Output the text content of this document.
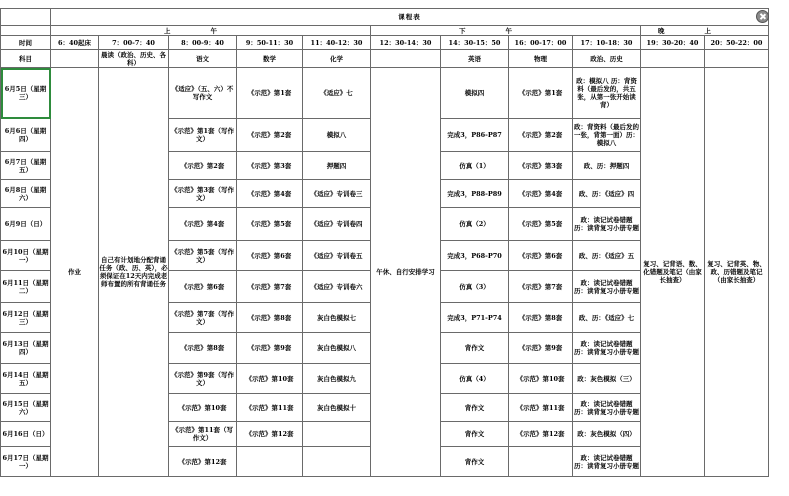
	课程表										
	上午					下午				晚上	
时间	6：40起床	7：00-7：40	8：00-9：40	9：50-11：30	11：40-12：30	12：30-14：30	14：30-15：50	16：00-17：00	17：10-18：30	19：30-20：40	20：50-22：00
科目		晨读（政治、历史、各科）	语文	数学	化学		英语	物理	政治、历史		
6月5日（星期三）	作业	自己有计划地分配背诵任务（政、历、英），必须保证在12天内完成老师布置的所有背诵任务	《适应》（五、六）不写作文	《示范》第1套	《适应》七	午休、自行安排学习	模拟四	《示范》第1套	政：模拟八 历：背资料（最后发的，共五张，从第一张开始读背）	复习、记背语、数、化错题及笔记（由家长抽查）	复习、记背英、物、政、历错题及笔记（由家长抽查）
6月6日（星期四）			《示范》第1套（写作文）	《示范》第2套	模拟八		完成3，P86-P87	《示范》第2套	政：背资料（最后发的一张，背第一面）历：模拟八		
6月7日（星期五）			《示范》第2套	《示范》第3套	押题四		仿真（1）	《示范》第3套	政、历：押题四		
6月8日（星期六）			《示范》第3套（写作文）	《示范》第4套	《适应》专训卷三		完成3，P88-P89	《示范》第4套	政、历：《适应》四		
6月9日（日）			《示范》第4套	《示范》第5套	《适应》专训卷四		仿真（2）	《示范》第5套	政：读记试卷错题 历：读背复习小册专题		
6月10日（星期一）			《示范》第5套（写作文）	《示范》第6套	《适应》专训卷五		完成3，P68-P70	《示范》第6套	政、历：《适应》五		
6月11日（星期二）			《示范》第6套	《示范》第7套	《适应》专训卷六		仿真（3）	《示范》第7套	政：读记试卷错题 历：读背复习小册专题		
6月12日（星期三）			《示范》第7套（写作文）	《示范》第8套	灰白色模拟七		完成3，P71-P74	《示范》第8套	政、历：《适应》七		
6月13日（星期四）			《示范》第8套	《示范》第9套	灰白色模拟八		背作文	《示范》第9套	政：读记试卷错题 历：读背复习小册专题		
6月14日（星期五）			《示范》第9套（写作文）	《示范》第10套	灰白色模拟九		仿真（4）	《示范》第10套	政：灰色模拟（三）		
6月15日（星期六）			《示范》第10套	《示范》第11套	灰白色模拟十		背作文	《示范》第11套	政：读记试卷错题 历：读背复习小册专题		
6月16日（日）			《示范》第11套（写作文）	《示范》第12套			背作文	《示范》第12套	政：灰色模拟（四）		
6月17日（星期一）			《示范》第12套				背作文		政：读记试卷错题 历：读背复习小册专题		
